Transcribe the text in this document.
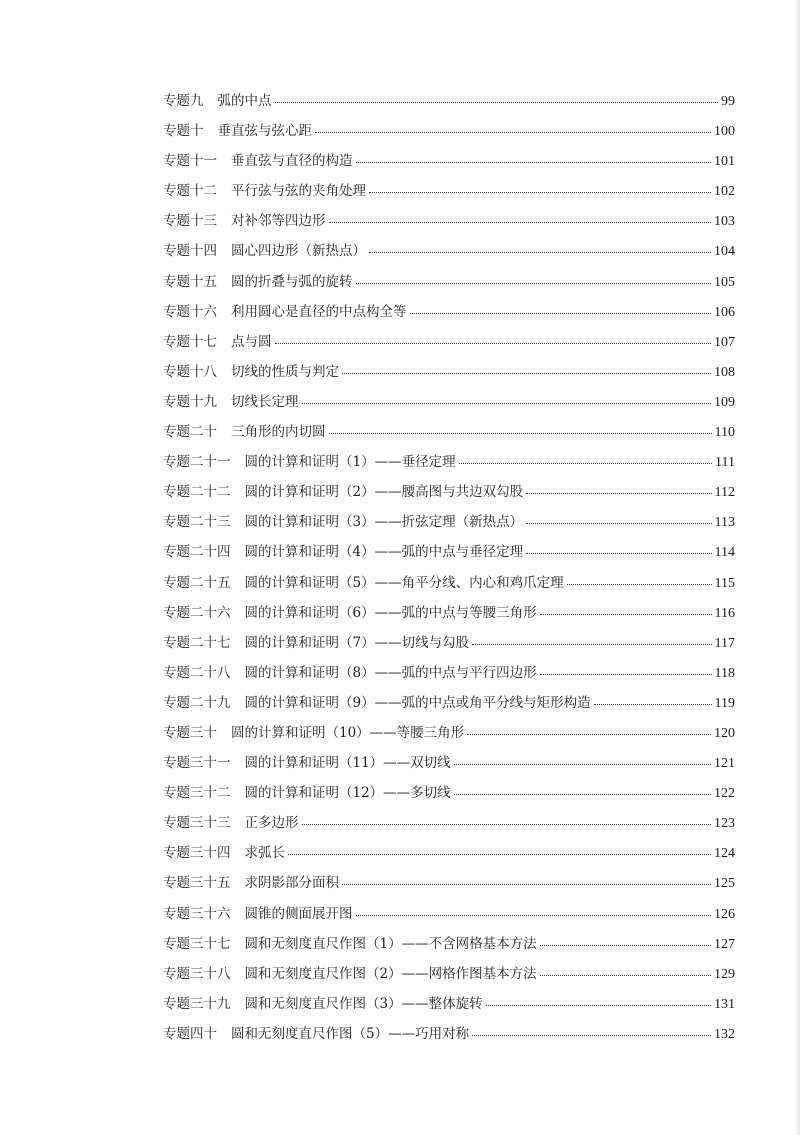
专题九 弧的中点	99
专题十 垂直弦与弦心距	100
专题十一 垂直弦与直径的构造	101
专题十二 平行弦与弦的夹角处理	102
专题十三 对补邻等四边形	103
专题十四 圆心四边形（新热点）	104
专题十五 圆的折叠与弧的旋转	105
专题十六 利用圆心是直径的中点构全等	106
专题十七 点与圆	107
专题十八 切线的性质与判定	108
专题十九 切线长定理	109
专题二十 三角形的内切圆	110
专题二十一 圆的计算和证明（1）——垂径定理	111
专题二十二 圆的计算和证明（2）——腰高图与共边双勾股	112
专题二十三 圆的计算和证明（3）——折弦定理（新热点）	113
专题二十四 圆的计算和证明（4）——弧的中点与垂径定理	114
专题二十五 圆的计算和证明（5）——角平分线、内心和鸡爪定理	115
专题二十六 圆的计算和证明（6）——弧的中点与等腰三角形	116
专题二十七 圆的计算和证明（7）——切线与勾股	117
专题二十八 圆的计算和证明（8）——弧的中点与平行四边形	118
专题二十九 圆的计算和证明（9）——弧的中点或角平分线与矩形构造	119
专题三十 圆的计算和证明（10）——等腰三角形	120
专题三十一 圆的计算和证明（11）——双切线	121
专题三十二 圆的计算和证明（12）——多切线	122
专题三十三 正多边形	123
专题三十四 求弧长	124
专题三十五 求阴影部分面积	125
专题三十六 圆锥的侧面展开图	126
专题三十七 圆和无刻度直尺作图（1）——不含网格基本方法	127
专题三十八 圆和无刻度直尺作图（2）——网格作图基本方法	129
专题三十九 圆和无刻度直尺作图（3）——整体旋转	131
专题四十 圆和无刻度直尺作图（5）——巧用对称	132
